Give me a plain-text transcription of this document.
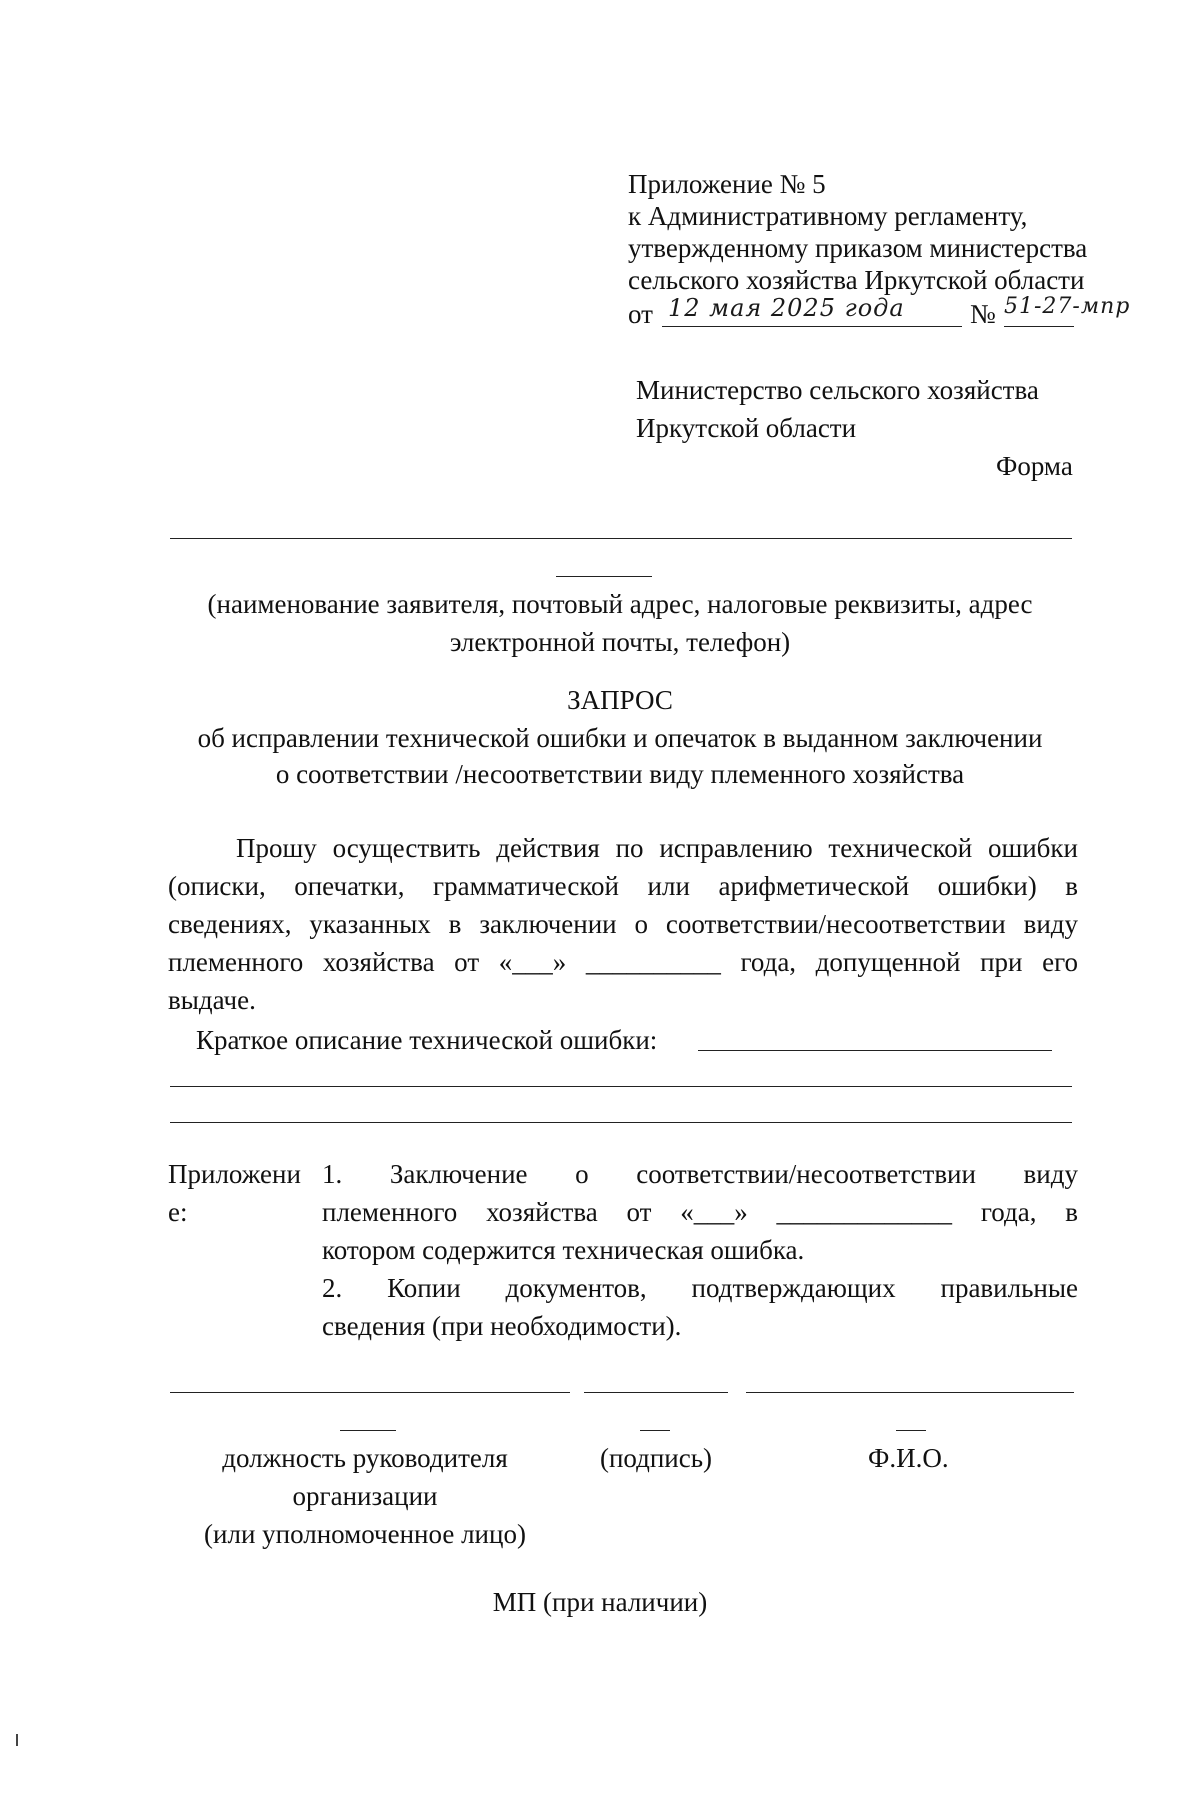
Приложение № 5
к Административному регламенту,
утвержденному приказом министерства
сельского хозяйства Иркутской области
от 12 мая 2025 года № 51-27-мпр
Министерство сельского хозяйства
Иркутской области
Форма
(наименование заявителя, почтовый адрес, налоговые реквизиты, адрес
электронной почты, телефон)
ЗАПРОС
об исправлении технической ошибки и опечаток в выданном заключении
о соответствии /несоответствии виду племенного хозяйства
Прошу осуществить действия по исправлению технической ошибки
(описки, опечатки, грамматической или арифметической ошибки) в
сведениях, указанных в заключении о соответствии/несоответствии виду
племенного хозяйства от «___» __________ года, допущенной при его
выдаче.
Краткое описание технической ошибки:
Приложени
е:
1.   Заключение   о   соответствии/несоответствии   виду
племенного хозяйства от «___» _____________ года, в
котором содержится техническая ошибка.
2.   Копии   документов,   подтверждающих   правильные
сведения (при необходимости).
должность руководителя
организации
(или уполномоченное лицо)
(подпись)	Ф.И.О.
МП (при наличии)
